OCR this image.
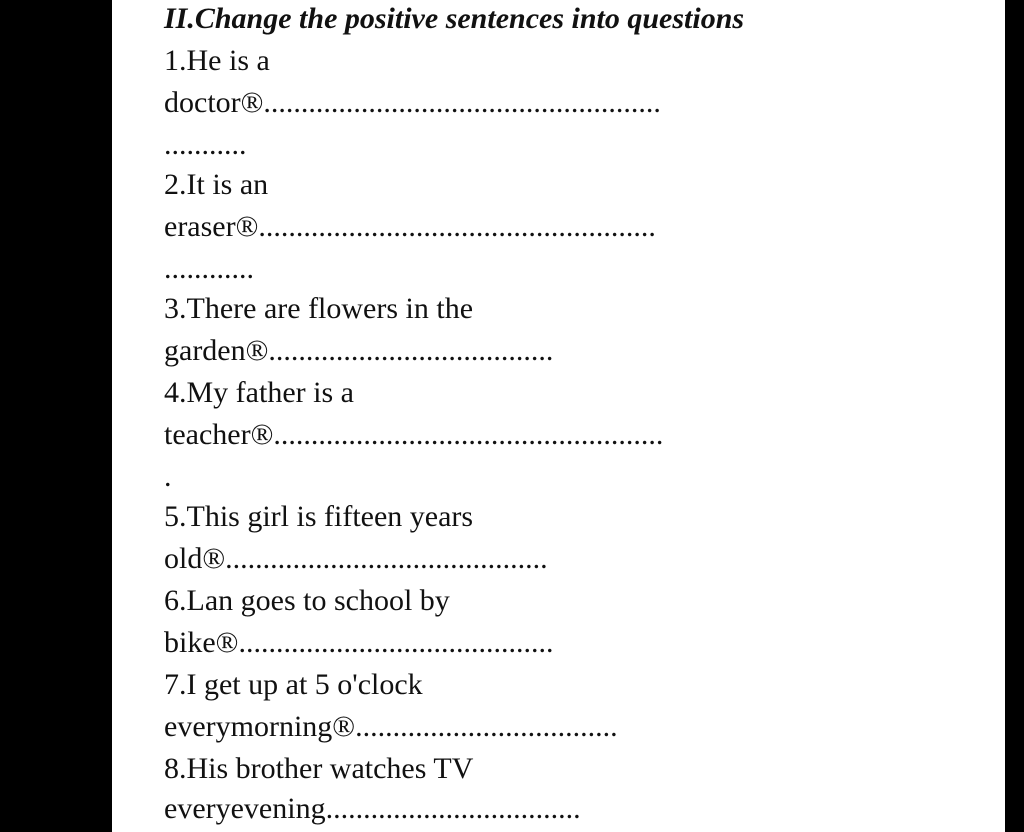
II.Change the positive sentences into questions

1.He is a

doctor®.....................................................

...........

2.It is an

eraser®.....................................................

............

3.There are flowers in the

garden®......................................

4.My father is a

teacher®....................................................

.

5.This girl is fifteen years

old®...........................................

6.Lan goes to school by

bike®..........................................

7.I get up at 5 o'clock

everymorning®...................................

8.His brother watches TV

everyevening..................................
